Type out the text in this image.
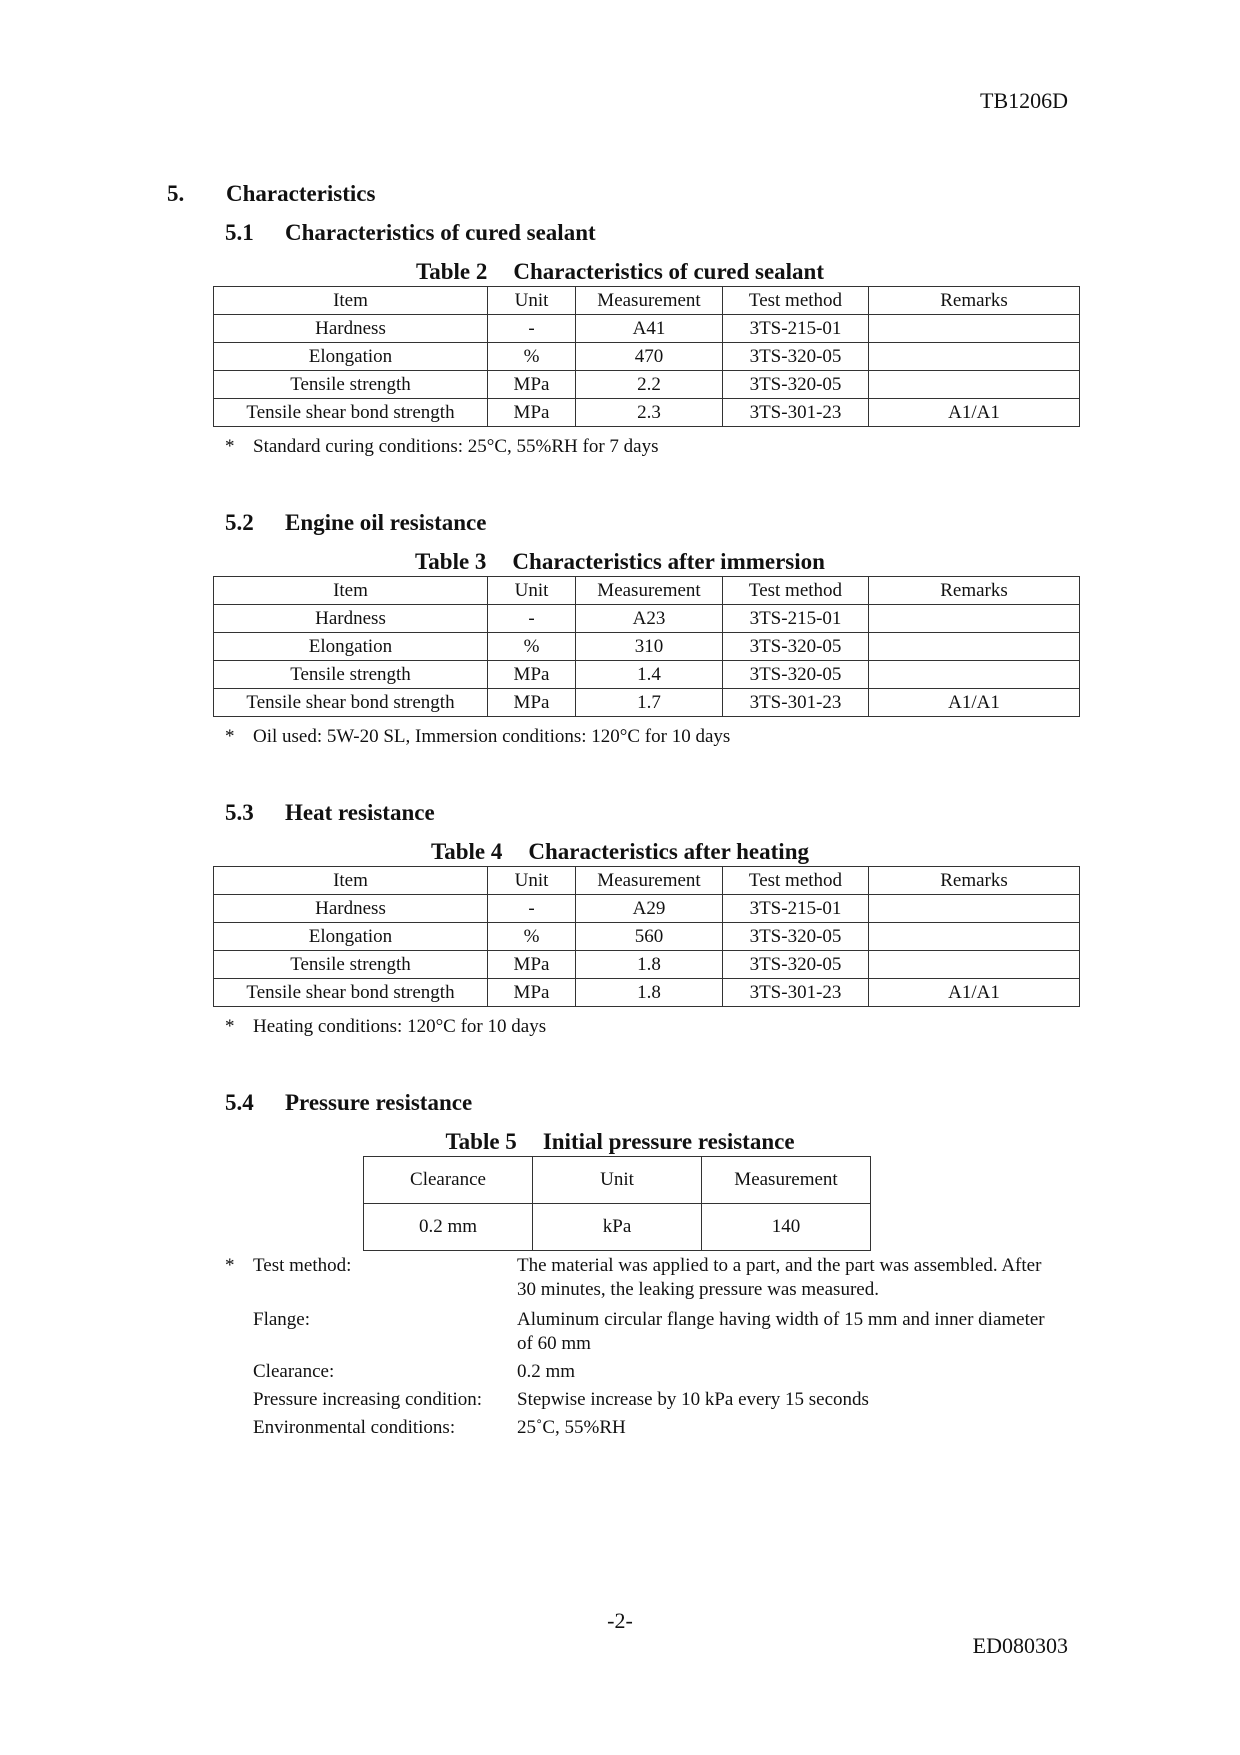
TB1206D
5. Characteristics
5.1 Characteristics of cured sealant
Table 2 Characteristics of cured sealant
Item	Unit	Measurement	Test method	Remarks
Hardness	-	A41	3TS-215-01	
Elongation	%	470	3TS-320-05	
Tensile strength	MPa	2.2	3TS-320-05	
Tensile shear bond strength	MPa	2.3	3TS-301-23	A1/A1
* Standard curing conditions: 25°C, 55%RH for 7 days
5.2 Engine oil resistance
Table 3 Characteristics after immersion
Item	Unit	Measurement	Test method	Remarks
Hardness	-	A23	3TS-215-01	
Elongation	%	310	3TS-320-05	
Tensile strength	MPa	1.4	3TS-320-05	
Tensile shear bond strength	MPa	1.7	3TS-301-23	A1/A1
* Oil used: 5W-20 SL, Immersion conditions: 120°C for 10 days
5.3 Heat resistance
Table 4 Characteristics after heating
Item	Unit	Measurement	Test method	Remarks
Hardness	-	A29	3TS-215-01	
Elongation	%	560	3TS-320-05	
Tensile strength	MPa	1.8	3TS-320-05	
Tensile shear bond strength	MPa	1.8	3TS-301-23	A1/A1
* Heating conditions: 120°C for 10 days
5.4 Pressure resistance
Table 5 Initial pressure resistance
Clearance	Unit	Measurement
0.2 mm	kPa	140
* Test method:	The material was applied to a part, and the part was assembled. After 30 minutes, the leaking pressure was measured.
Flange:	Aluminum circular flange having width of 15 mm and inner diameter of 60 mm
Clearance:	0.2 mm
Pressure increasing condition: Stepwise increase by 10 kPa every 15 seconds
Environmental conditions:	25˚C, 55%RH
-2-
ED080303
